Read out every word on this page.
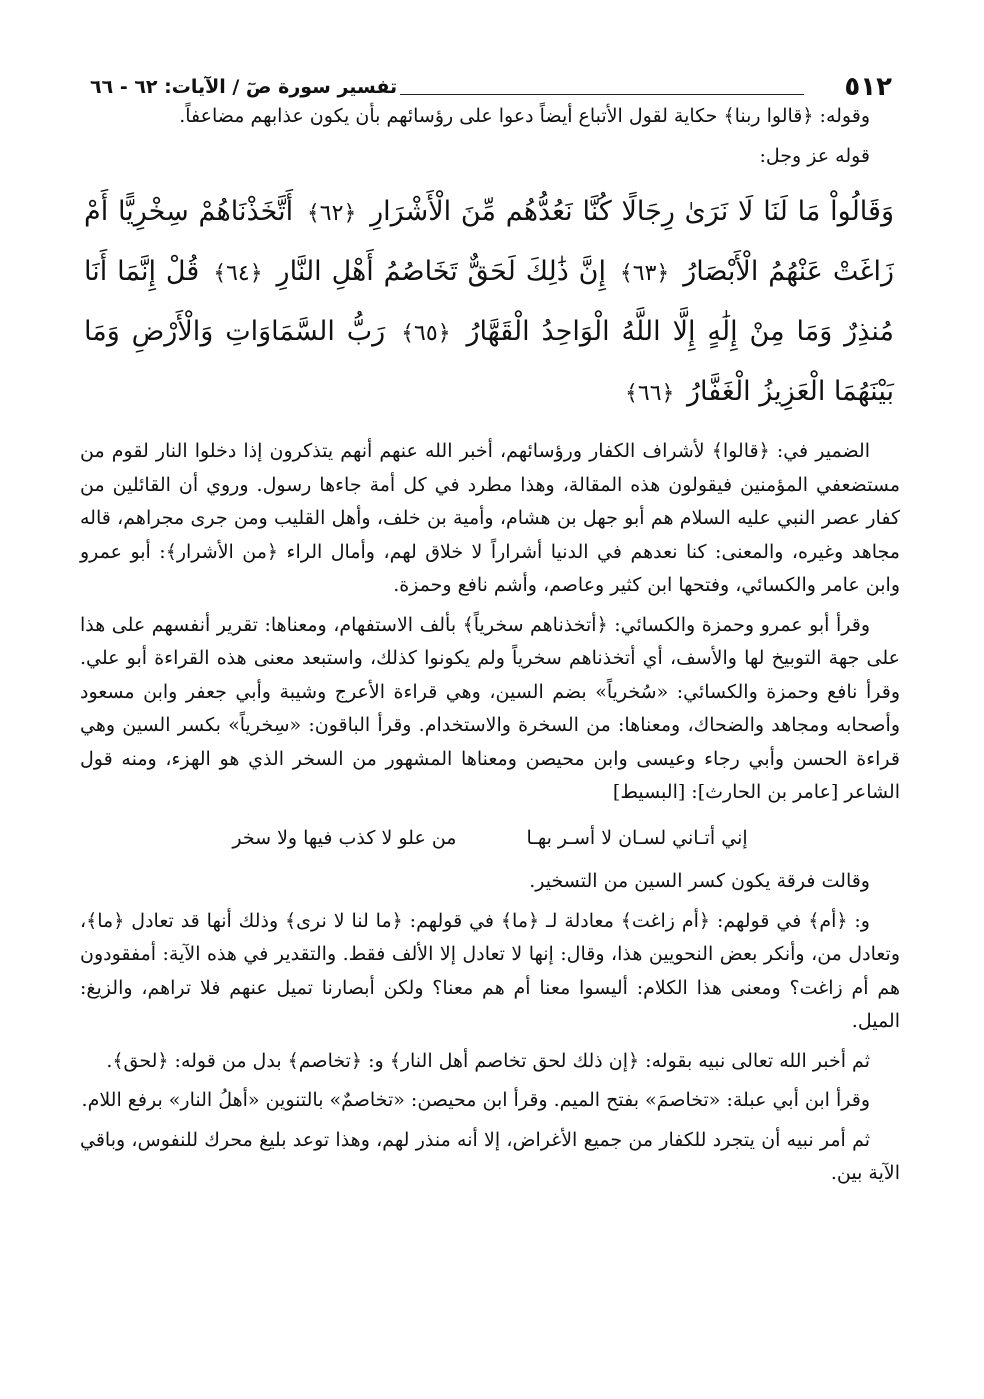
٥١٢
تفسير سورة صٓ / الآيات: ٦٢ - ٦٦

وقوله: ﴿قالوا ربنا﴾ حكاية لقول الأتباع أيضاً دعوا على رؤسائهم بأن يكون عذابهم مضاعفاً.

قوله عز وجل:

وَقَالُواْ مَا لَنَا لَا نَرَىٰ رِجَالًا كُنَّا نَعُدُّهُم مِّنَ الْأَشْرَارِ ﴿٦٢﴾ أَتَّخَذْنَاهُمْ سِخْرِيًّا أَمْ زَاغَتْ عَنْهُمُ الْأَبْصَارُ ﴿٦٣﴾ إِنَّ ذَٰلِكَ لَحَقٌّ تَخَاصُمُ أَهْلِ النَّارِ ﴿٦٤﴾ قُلْ إِنَّمَا أَنَا مُنذِرٌ وَمَا مِنْ إِلَٰهٍ إِلَّا اللَّهُ الْوَاحِدُ الْقَهَّارُ ﴿٦٥﴾ رَبُّ السَّمَاوَاتِ وَالْأَرْضِ وَمَا بَيْنَهُمَا الْعَزِيزُ الْغَفَّارُ ﴿٦٦﴾

الضمير في: ﴿قالوا﴾ لأشراف الكفار ورؤسائهم، أخبر الله عنهم أنهم يتذكرون إذا دخلوا النار لقوم من مستضعفي المؤمنين فيقولون هذه المقالة، وهذا مطرد في كل أمة جاءها رسول. وروي أن القائلين من كفار عصر النبي عليه السلام هم أبو جهل بن هشام، وأمية بن خلف، وأهل القليب ومن جرى مجراهم، قاله مجاهد وغيره، والمعنى: كنا نعدهم في الدنيا أشراراً لا خلاق لهم، وأمال الراء ﴿من الأشرار﴾: أبو عمرو وابن عامر والكسائي، وفتحها ابن كثير وعاصم، وأشم نافع وحمزة.

وقرأ أبو عمرو وحمزة والكسائي: ﴿أتخذناهم سخرياً﴾ بألف الاستفهام، ومعناها: تقرير أنفسهم على هذا على جهة التوبيخ لها والأسف، أي أتخذناهم سخرياً ولم يكونوا كذلك، واستبعد معنى هذه القراءة أبو علي. وقرأ نافع وحمزة والكسائي: «سُخرياً» بضم السين، وهي قراءة الأعرج وشيبة وأبي جعفر وابن مسعود وأصحابه ومجاهد والضحاك، ومعناها: من السخرة والاستخدام. وقرأ الباقون: «سِخرياً» بكسر السين وهي قراءة الحسن وأبي رجاء وعيسى وابن محيصن ومعناها المشهور من السخر الذي هو الهزء، ومنه قول الشاعر [عامر بن الحارث]: [البسيط]

إني أتـاني لسـان لا أسـر بهـا
من علو لا كذب فيها ولا سخر

وقالت فرقة يكون كسر السين من التسخير.

و: ﴿أم﴾ في قولهم: ﴿أم زاغت﴾ معادلة لـ ﴿ما﴾ في قولهم: ﴿ما لنا لا نرى﴾ وذلك أنها قد تعادل ﴿ما﴾، وتعادل من، وأنكر بعض النحويين هذا، وقال: إنها لا تعادل إلا الألف فقط. والتقدير في هذه الآية: أمفقودون هم أم زاغت؟ ومعنى هذا الكلام: أليسوا معنا أم هم معنا؟ ولكن أبصارنا تميل عنهم فلا تراهم، والزيغ: الميل.

ثم أخبر الله تعالى نبيه بقوله: ﴿إن ذلك لحق تخاصم أهل النار﴾ و: ﴿تخاصم﴾ بدل من قوله: ﴿لحق﴾.

وقرأ ابن أبي عبلة: «تخاصمَ» بفتح الميم. وقرأ ابن محيصن: «تخاصمٌ» بالتنوين «أهلُ النار» برفع اللام.

ثم أمر نبيه أن يتجرد للكفار من جميع الأغراض، إلا أنه منذر لهم، وهذا توعد بليغ محرك للنفوس، وباقي الآية بين.
